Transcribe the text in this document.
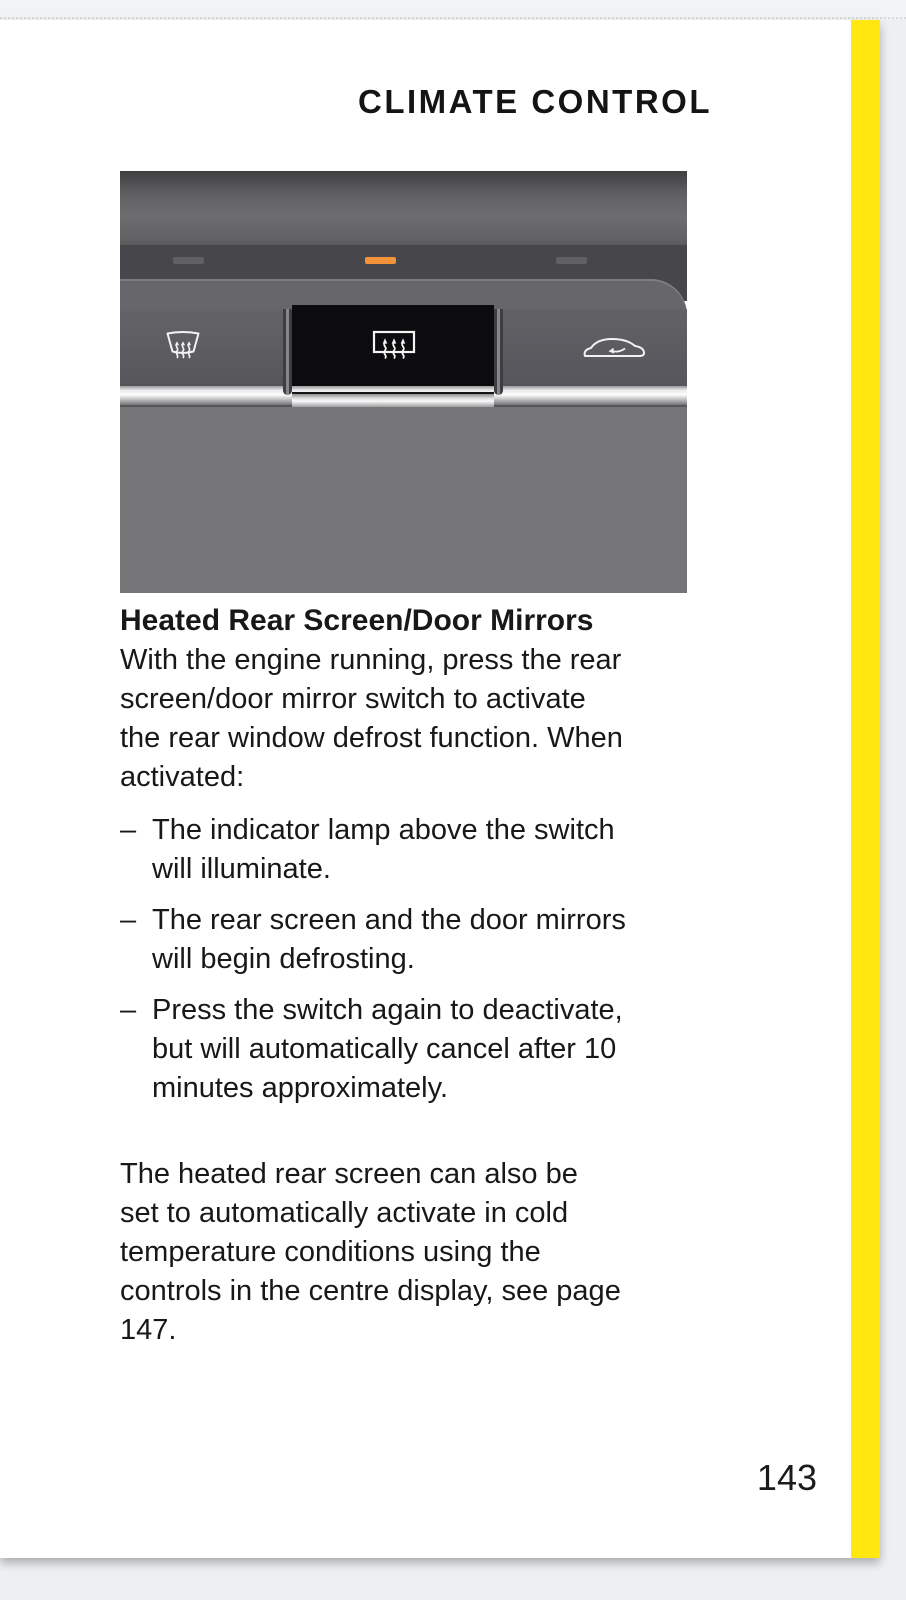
CLIMATE CONTROL
Heated Rear Screen/Door Mirrors
With the engine running, press the rear
screen/door mirror switch to activate
the rear window defrost function. When
activated:
– The indicator lamp above the switch
will illuminate.
– The rear screen and the door mirrors
will begin defrosting.
– Press the switch again to deactivate,
but will automatically cancel after 10
minutes approximately.
The heated rear screen can also be
set to automatically activate in cold
temperature conditions using the
controls in the centre display, see page
147.
143
